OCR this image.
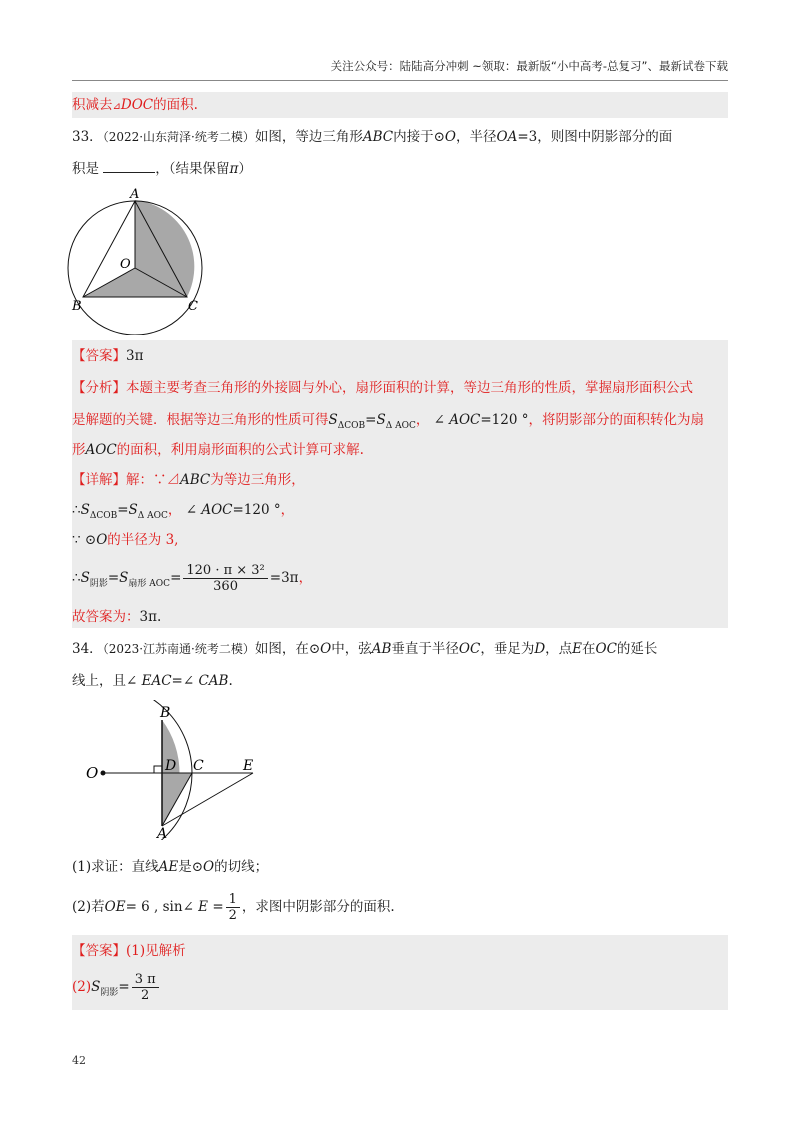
关注公众号：陆陆高分冲刺 ~领取：最新版“小中高考-总复习”、最新试卷下载
积减去⊿DOC的面积.
33．（2022·山东菏泽·统考二模）如图，等边三角形ABC内接于⊙O，半径OA=3，则图中阴影部分的面
积是	，（结果保留π）
A
O
B	C
【答案】3π
【分析】本题主要考查三角形的外接圆与外心，扇形面积的计算，等边三角形的性质，掌握扇形面积公式
是解题的关键．根据等边三角形的性质可得$S_{\Delta COB}=S_{\Delta AOC}$， ∠ AOC=120 °，将阴影部分的面积转化为扇
形AOC的面积，利用扇形面积的公式计算可求解.
【详解】解：∵⊿ABC为等边三角形，
$\therefore S_{\Delta COB}=S_{\Delta AOC}$， ∠ AOC=120 °，
∵ ⊙O的半径为 3,
$\therefore S_{阴影}=S_{扇形 AOC}= \frac{\text{120 · π × 3²}}{360} =3\pi$，
故答案为：3π.
34．（2023·江苏南通·统考二模）如图，在⊙O中，弦AB垂直于半径OC，垂足为D，点E在OC的延长
线上，且∠ EAC=∠ CAB.
B
O	D C	E
A
(1)求证：直线AE是⊙O的切线；
(2)若OE= 6 , sin∠ $E = \frac{1}{2}$ ，求图中阴影部分的面积.
【答案】(1)见解析
$(2)S_{阴影}= \frac{3 \pi}{2}$
42
